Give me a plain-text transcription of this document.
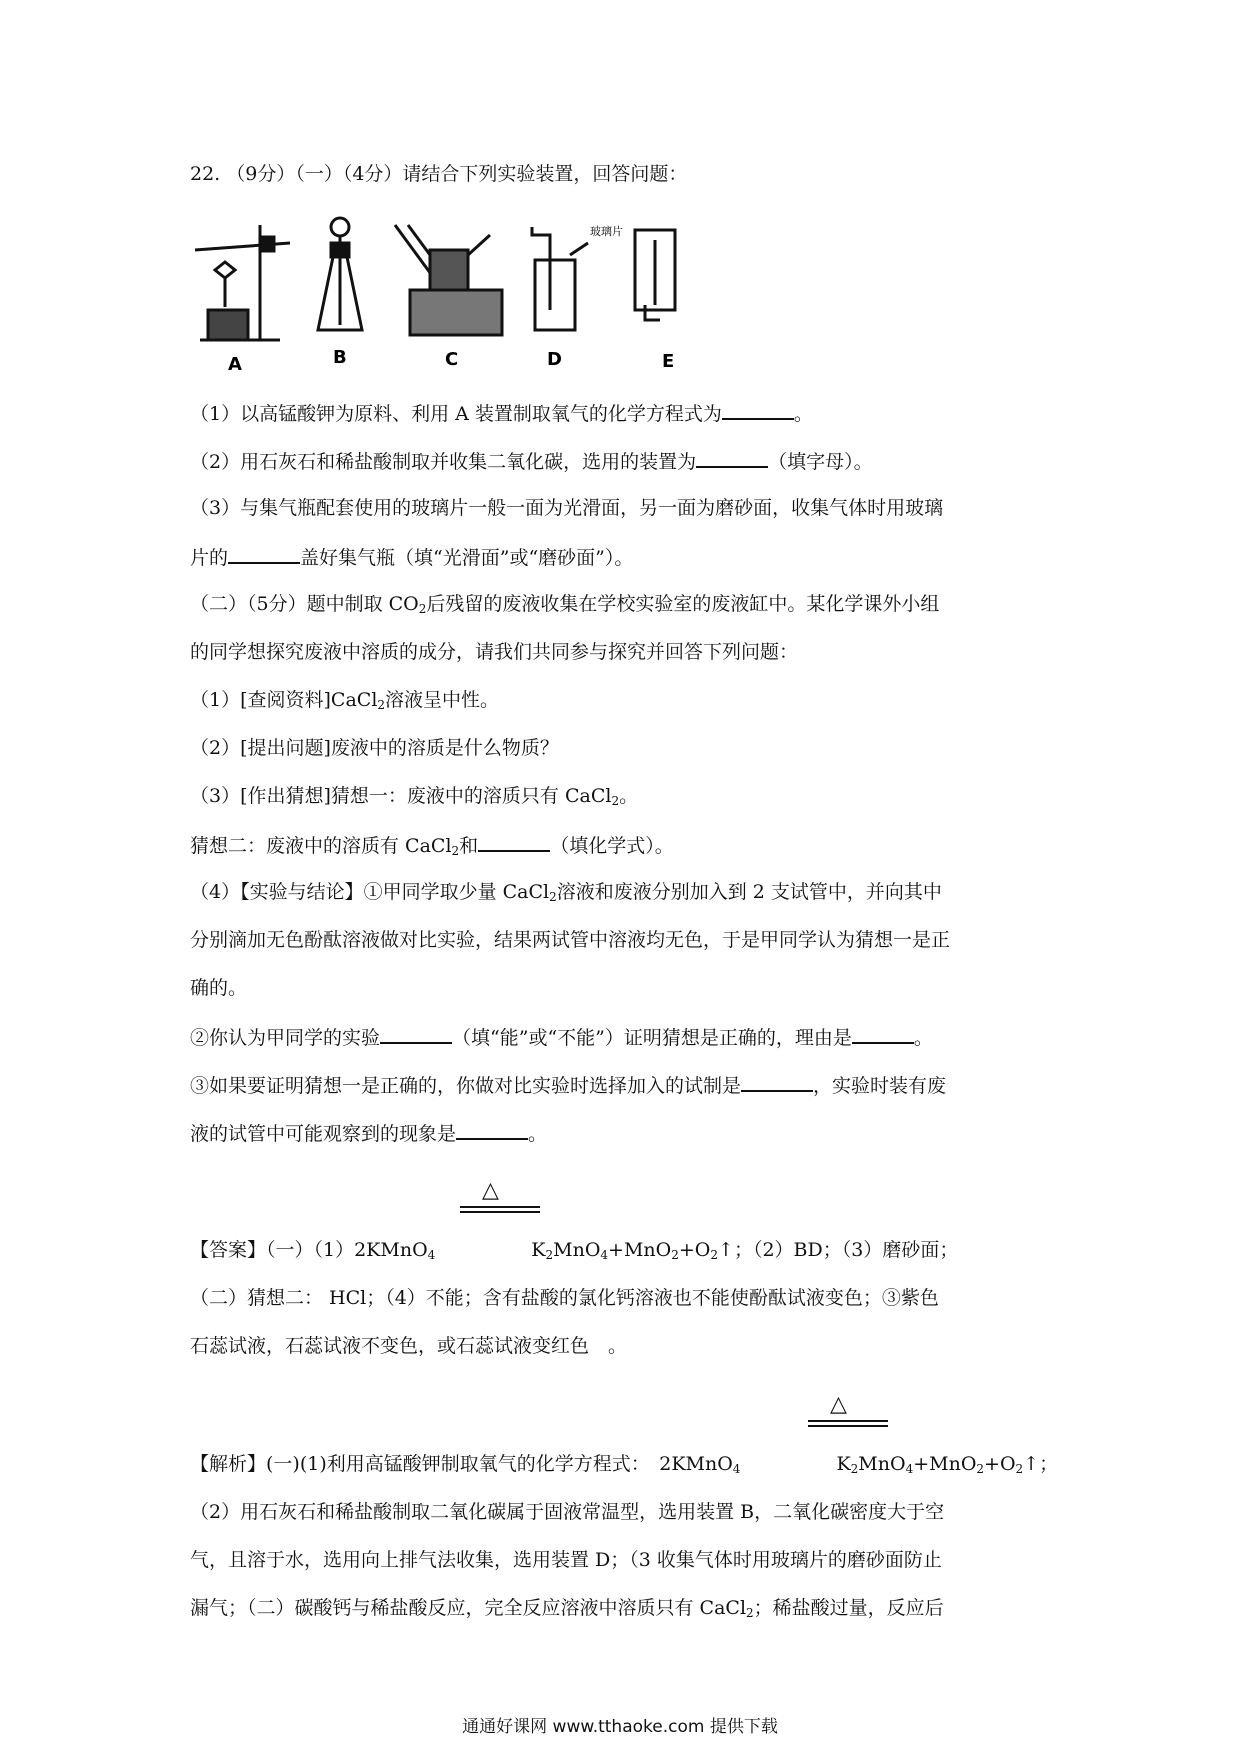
22. （9分）（一）（4分）请结合下列实验装置，回答问题：
A	B	C	D	E
玻璃片
（1）以高锰酸钾为原料、利用 A 装置制取氧气的化学方程式为	。
（2）用石灰石和稀盐酸制取并收集二氧化碳，选用的装置为	（填字母）。
（3）与集气瓶配套使用的玻璃片一般一面为光滑面，另一面为磨砂面，收集气体时用玻璃
片的	盖好集气瓶（填“光滑面”或“磨砂面”）。
（二）（5分）题中制取 $CO_2$后残留的废液收集在学校实验室的废液缸中。某化学课外小组
的同学想探究废液中溶质的成分，请我们共同参与探究并回答下列问题：
（1）[查阅资料]CaCl$_2$溶液呈中性。
（2）[提出问题]废液中的溶质是什么物质？
（3）[作出猜想]猜想一：废液中的溶质只有 CaCl$_2$。
猜想二：废液中的溶质有 CaCl$_2$和	（填化学式）。
（4）【实验与结论】①甲同学取少量 CaCl$_2$溶液和废液分别加入到 2 支试管中，并向其中
分别滴加无色酚酞溶液做对比实验，结果两试管中溶液均无色，于是甲同学认为猜想一是正
确的。
②你认为甲同学的实验	（填“能”或“不能”）证明猜想是正确的，理由是	。
③如果要证明猜想一是正确的，你做对比实验时选择加入的试制是	，实验时装有废
液的试管中可能观察到的现象是	。
△
【答案】（一）（1）2KMnO$_4$	$K_2MnO_4+MnO_2+O_2↑$；（2）BD；（3）磨砂面；
（二）猜想二： HCl；（4）不能；含有盐酸的氯化钙溶液也不能使酚酞试液变色；③紫色
石蕊试液，石蕊试液不变色，或石蕊试液变红色　。
△
【解析】(一)(1)利用高锰酸钾制取氧气的化学方程式：　2KMnO$_4$	$K_2MnO_4+MnO_2+O_2↑$；
（2）用石灰石和稀盐酸制取二氧化碳属于固液常温型，选用装置 B，二氧化碳密度大于空
气，且溶于水，选用向上排气法收集，选用装置 D；（3 收集气体时用玻璃片的磨砂面防止
漏气；（二）碳酸钙与稀盐酸反应，完全反应溶液中溶质只有 CaCl$_2$；稀盐酸过量，反应后
通通好课网 www.tthaoke.com 提供下载
